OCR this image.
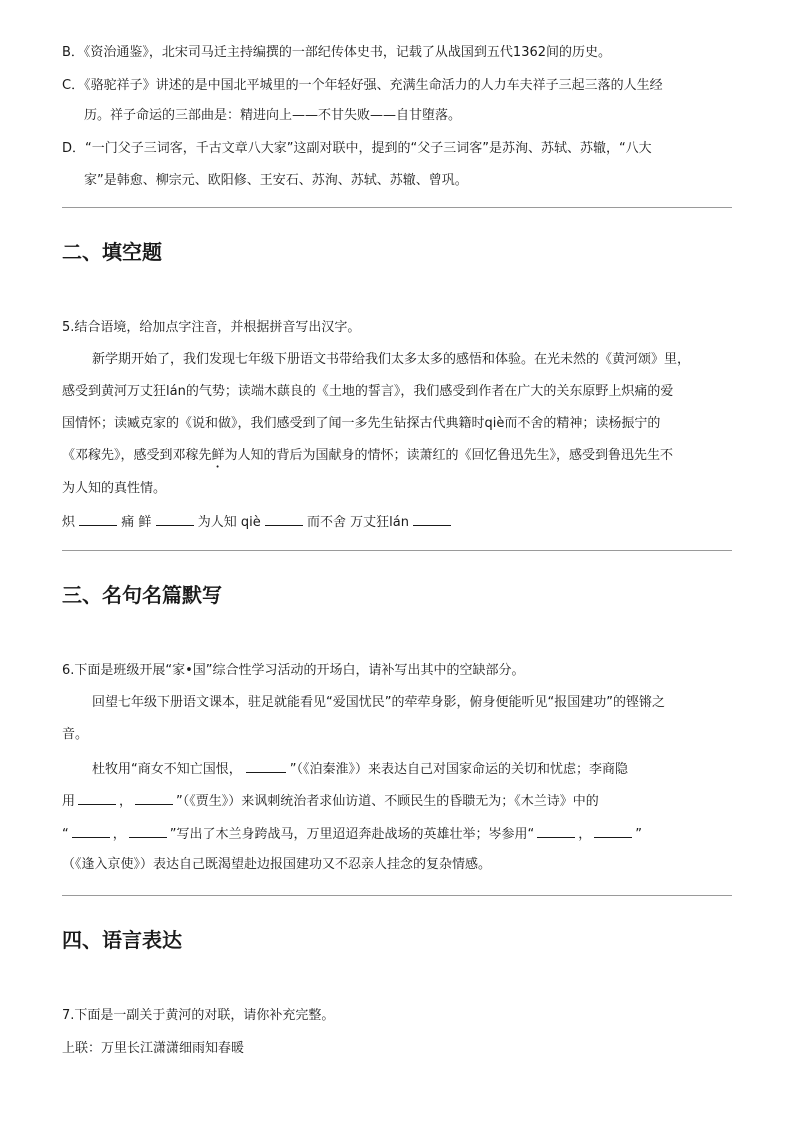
B．《资治通鉴》，北宋司马迁主持编撰的一部纪传体史书，记载了从战国到五代1362间的历史。
C．《骆驼祥子》讲述的是中国北平城里的一个年轻好强、充满生命活力的人力车夫祥子三起三落的人生经
历。祥子命运的三部曲是：精进向上——不甘失败——自甘堕落。
D．“一门父子三词客，千古文章八大家”这副对联中，提到的“父子三词客”是苏洵、苏轼、苏辙，“八大
家”是韩愈、柳宗元、欧阳修、王安石、苏洵、苏轼、苏辙、曾巩。
二、填空题
5.结合语境，给加点字注音，并根据拼音写出汉字。
新学期开始了，我们发现七年级下册语文书带给我们太多太多的感悟和体验。在光未然的《黄河颂》里，
感受到黄河万丈狂lán的气势；读端木蕻良的《土地的誓言》，我们感受到作者在广大的关东原野上炽痛的爱
国情怀；读臧克家的《说和做》，我们感受到了闻一多先生钻探古代典籍时qiè而不舍的精神；读杨振宁的
《邓稼先》，感受到邓稼先鲜为人知的背后为国献身的情怀；读萧红的《回忆鲁迅先生》，感受到鲁迅先生不
为人知的真性情。
炽	痛 鲜	为人知 qiè	而不舍 万丈狂lán
三、名句名篇默写
6.下面是班级开展“家•国”综合性学习活动的开场白，请补写出其中的空缺部分。
回望七年级下册语文课本，驻足就能看见“爱国忧民”的荦荦身影，俯身便能听见“报国建功”的铿锵之
音。
杜牧用“商女不知亡国恨，	”（《泊秦淮》）来表达自己对国家命运的关切和忧虑；李商隐
用	，	”（《贾生》）来讽刺统治者求仙访道、不顾民生的昏聩无为；《木兰诗》中的
“	，	”写出了木兰身跨战马，万里迢迢奔赴战场的英雄壮举；岑参用“	，	”
（《逢入京使》）表达自己既渴望赴边报国建功又不忍亲人挂念的复杂情感。
四、语言表达
7.下面是一副关于黄河的对联，请你补充完整。
上联：万里长江潇潇细雨知春暖
